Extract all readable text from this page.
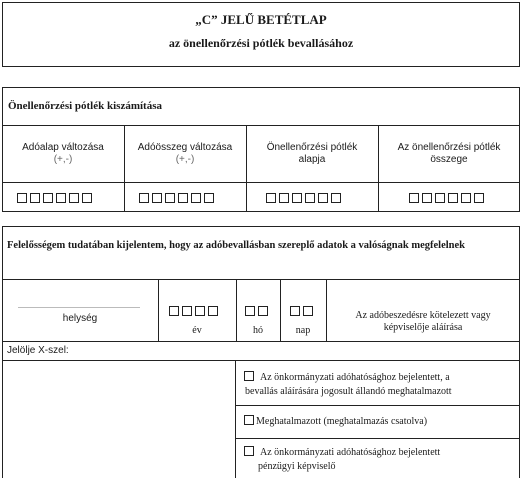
„C” JELŰ BETÉTLAP
az önellenőrzési pótlék bevallásához
Önellenőrzési pótlék kiszámítása
Adóalap változása
(+,-)
Adóösszeg változása
(+,-)
Önellenőrzési pótlék
alapja
Az önellenőrzési pótlék
összege
Felelősségem tudatában kijelentem, hogy az adóbevallásban szereplő adatok a valóságnak megfelelnek
helység
év	hó	nap
Az adóbeszedésre kötelezett vagy
képviselője aláírása
Jelölje X-szel:
Az önkormányzati adóhatósághoz bejelentett, a
bevallás aláírására jogosult állandó meghatalmazott
Meghatalmazott (meghatalmazás csatolva)
Az önkormányzati adóhatósághoz bejelentett
pénzügyi képviselő
